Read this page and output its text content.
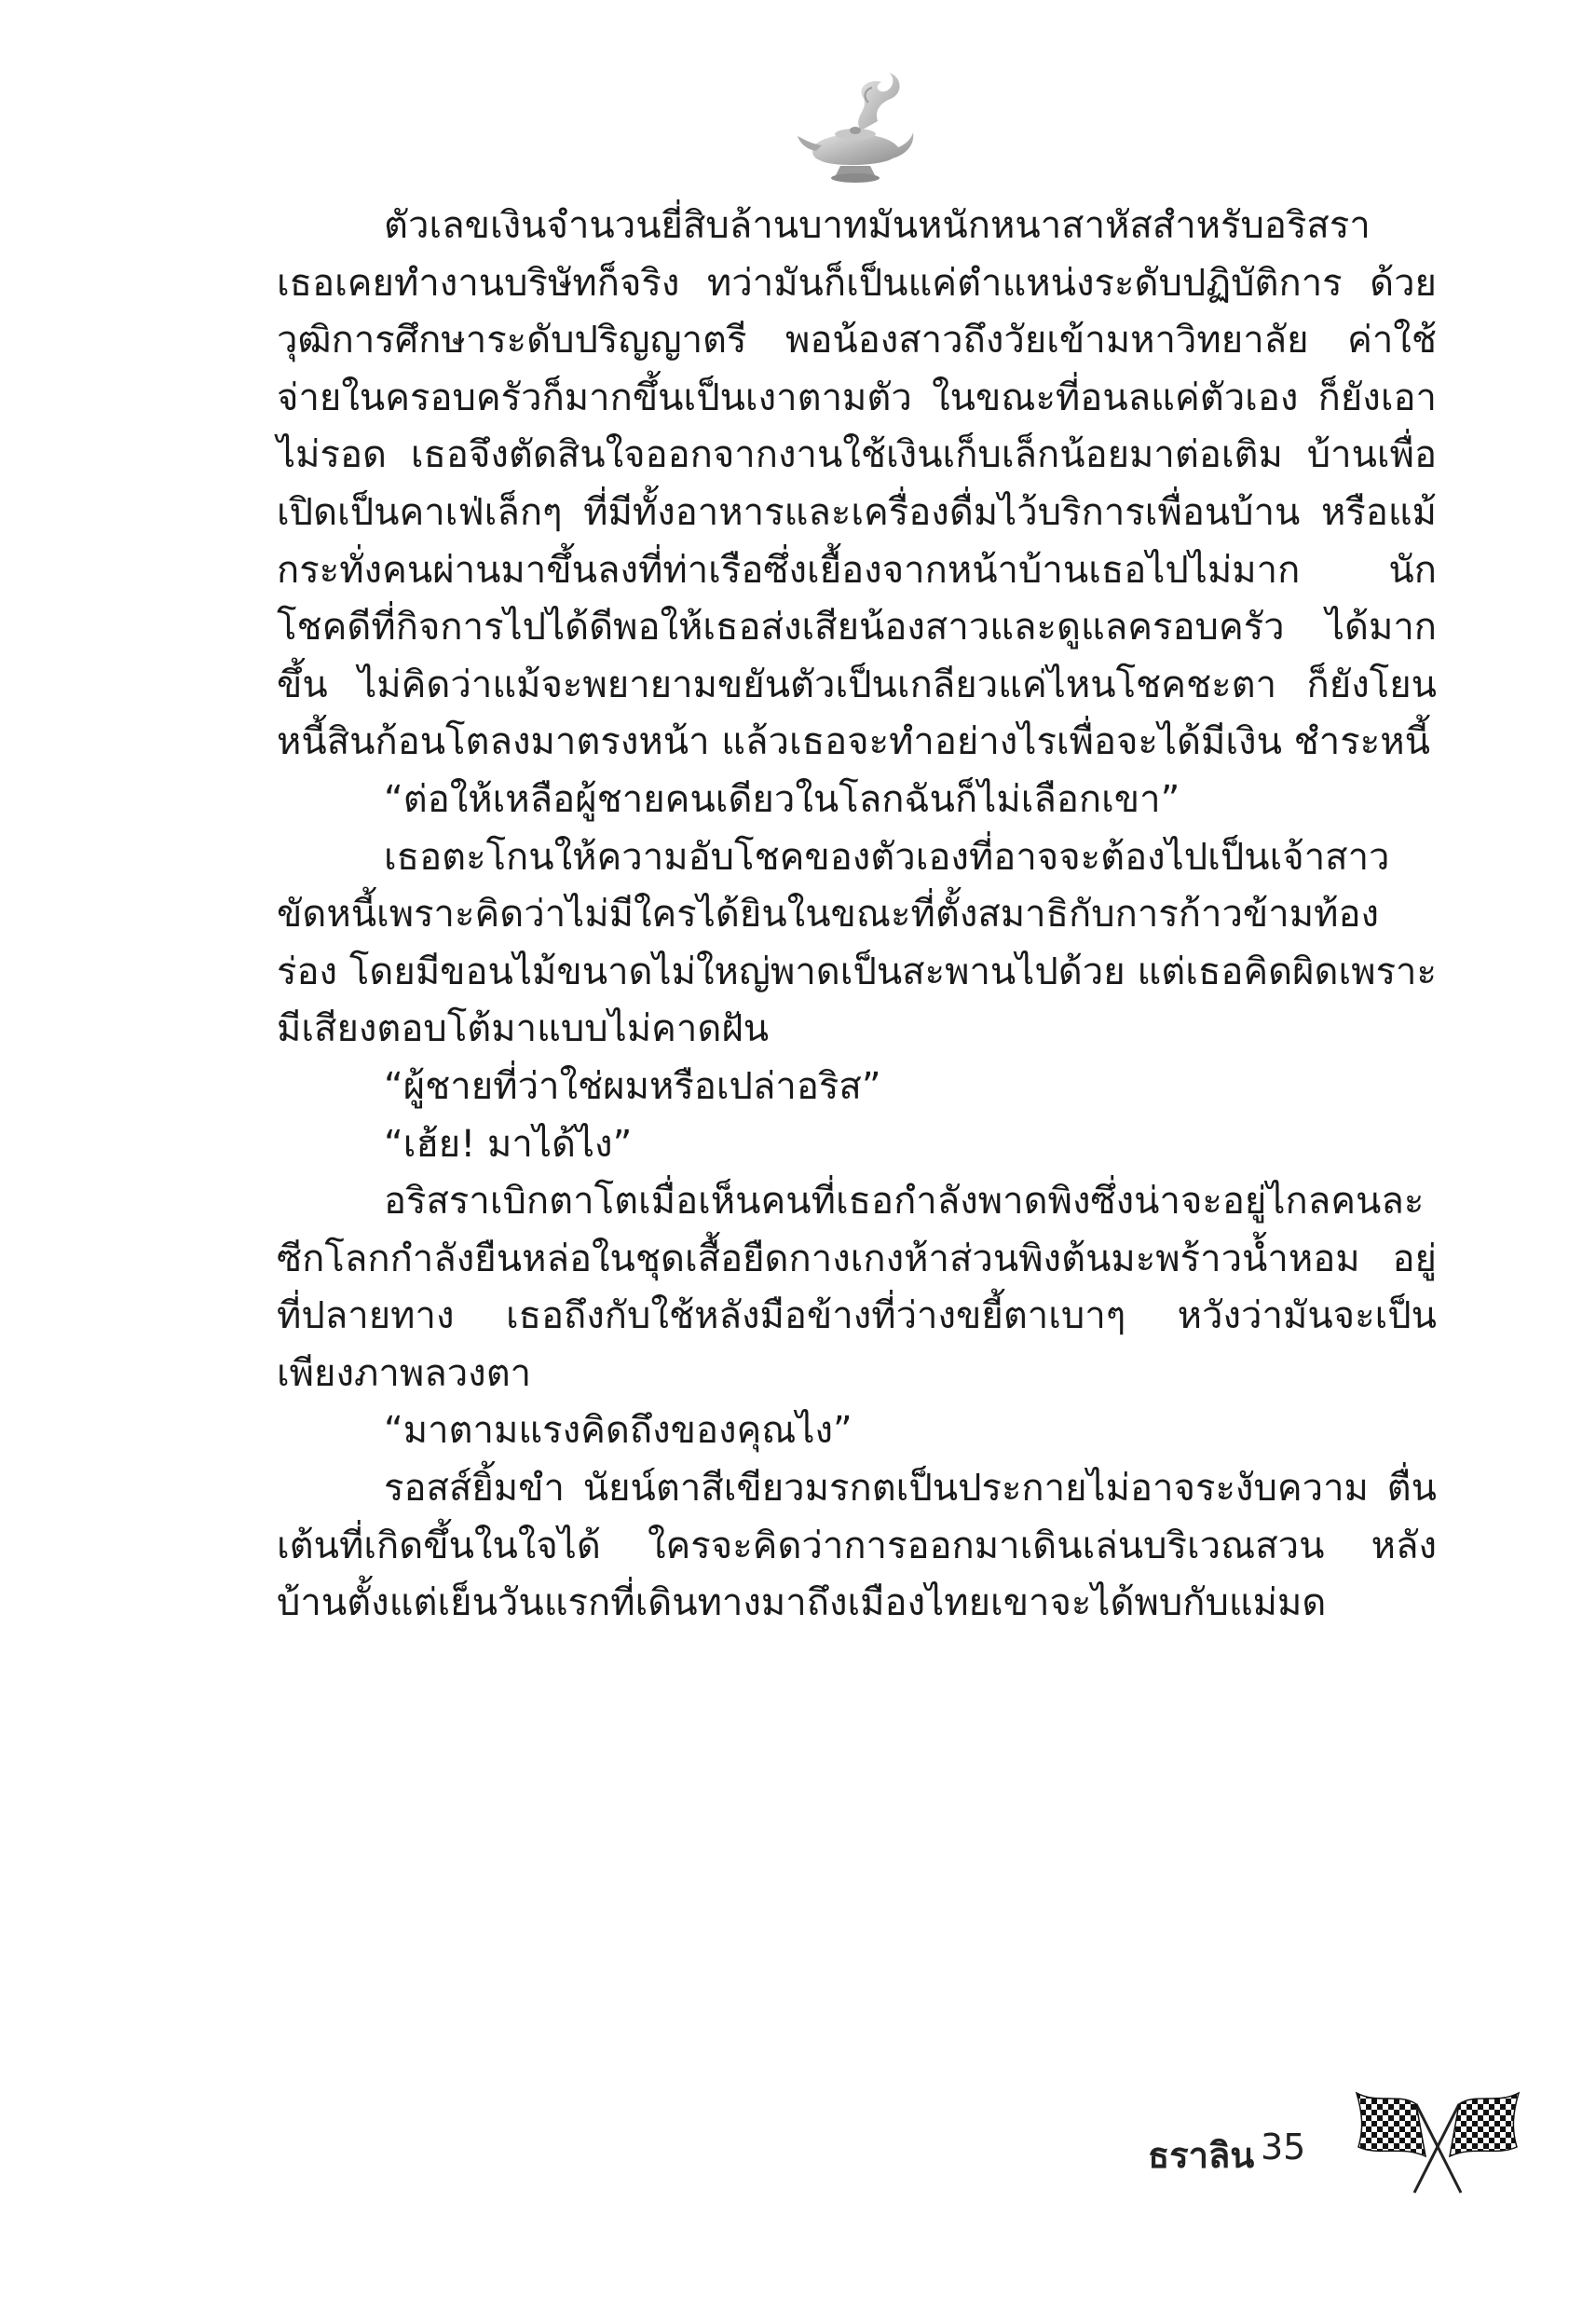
ตัวเลขเงินจำนวนยี่สิบล้านบาทมันหนักหนาสาหัสสำหรับอริสรา เธอเคยทำงานบริษัทก็จริง ทว่ามันก็เป็นแค่ตำแหน่งระดับปฏิบัติการ ด้วยวุฒิการศึกษาระดับปริญญาตรี พอน้องสาวถึงวัยเข้ามหาวิทยาลัย ค่าใช้จ่ายในครอบครัวก็มากขึ้นเป็นเงาตามตัว ในขณะที่อนลแค่ตัวเอง ก็ยังเอาไม่รอด เธอจึงตัดสินใจออกจากงานใช้เงินเก็บเล็กน้อยมาต่อเติม บ้านเพื่อเปิดเป็นคาเฟ่เล็กๆ ที่มีทั้งอาหารและเครื่องดื่มไว้บริการเพื่อนบ้าน หรือแม้กระทั่งคนผ่านมาขึ้นลงที่ท่าเรือซึ่งเยื้องจากหน้าบ้านเธอไปไม่มาก นัก โชคดีที่กิจการไปได้ดีพอให้เธอส่งเสียน้องสาวและดูแลครอบครัว ได้มากขึ้น ไม่คิดว่าแม้จะพยายามขยันตัวเป็นเกลียวแค่ไหนโชคชะตา ก็ยังโยนหนี้สินก้อนโตลงมาตรงหน้า แล้วเธอจะทำอย่างไรเพื่อจะได้มีเงิน ชำระหนี้

“ต่อให้เหลือผู้ชายคนเดียวในโลกฉันก็ไม่เลือกเขา”

เธอตะโกนให้ความอับโชคของตัวเองที่อาจจะต้องไปเป็นเจ้าสาว ขัดหนี้เพราะคิดว่าไม่มีใครได้ยินในขณะที่ตั้งสมาธิกับการก้าวข้ามท้องร่อง โดยมีขอนไม้ขนาดไม่ใหญ่พาดเป็นสะพานไปด้วย แต่เธอคิดผิดเพราะ มีเสียงตอบโต้มาแบบไม่คาดฝัน

“ผู้ชายที่ว่าใช่ผมหรือเปล่าอริส”

“เฮ้ย! มาได้ไง”

อริสราเบิกตาโตเมื่อเห็นคนที่เธอกำลังพาดพิงซึ่งน่าจะอยู่ไกลคนละ ซีกโลกกำลังยืนหล่อในชุดเสื้อยืดกางเกงห้าส่วนพิงต้นมะพร้าวน้ำหอม อยู่ที่ปลายทาง เธอถึงกับใช้หลังมือข้างที่ว่างขยี้ตาเบาๆ หวังว่ามันจะเป็น เพียงภาพลวงตา

“มาตามแรงคิดถึงของคุณไง”

รอสส์ยิ้มขำ นัยน์ตาสีเขียวมรกตเป็นประกายไม่อาจระงับความ ตื่นเต้นที่เกิดขึ้นในใจได้ ใครจะคิดว่าการออกมาเดินเล่นบริเวณสวน หลังบ้านตั้งแต่เย็นวันแรกที่เดินทางมาถึงเมืองไทยเขาจะได้พบกับแม่มด

ธราลิน 35
